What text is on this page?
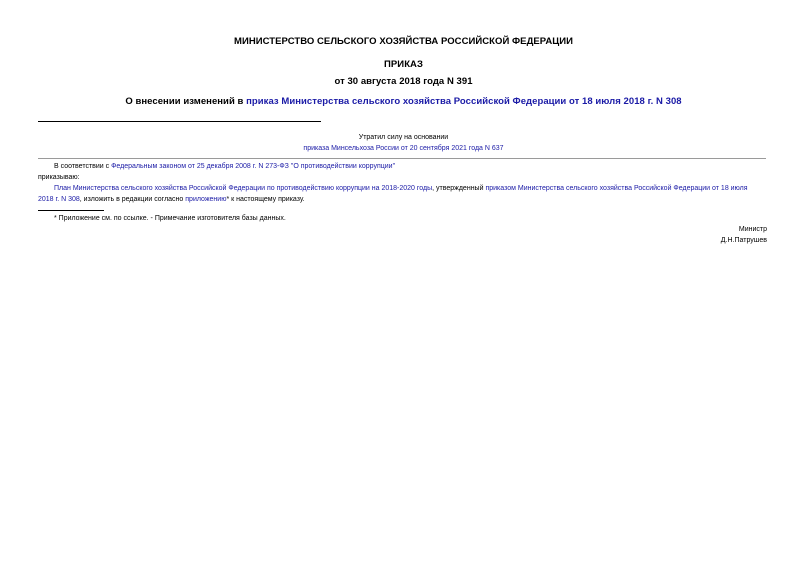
МИНИСТЕРСТВО СЕЛЬСКОГО ХОЗЯЙСТВА РОССИЙСКОЙ ФЕДЕРАЦИИ
ПРИКАЗ
от 30 августа 2018 года N 391
О внесении изменений в приказ Министерства сельского хозяйства Российской Федерации от 18 июля 2018 г. N 308
Утратил силу на основании
приказа Минсельхоза России от 20 сентября 2021 года N 637
В соответствии с Федеральным законом от 25 декабря 2008 г. N 273-ФЗ "О противодействии коррупции"
приказываю:
План Министерства сельского хозяйства Российской Федерации по противодействию коррупции на 2018-2020 годы, утвержденный приказом Министерства сельского хозяйства Российской Федерации от 18 июля
2018 г. N 308, изложить в редакции согласно приложению* к настоящему приказу.
* Приложение см. по ссылке. - Примечание изготовителя базы данных.
Министр
Д.Н.Патрушев
